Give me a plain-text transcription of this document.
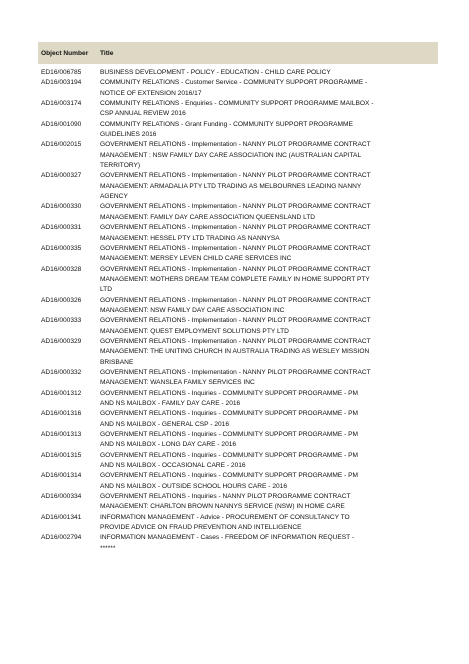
Object Number	Title
ED16/006785	BUSINESS DEVELOPMENT - POLICY - EDUCATION - CHILD CARE POLICY
AD16/003194	COMMUNITY RELATIONS - Customer Service - COMMUNITY SUPPORT PROGRAMME -
NOTICE OF EXTENSION 2016/17
AD16/003174	COMMUNITY RELATIONS - Enquiries - COMMUNITY SUPPORT PROGRAMME MAILBOX -
CSP ANNUAL REVIEW 2016
AD16/001090	COMMUNITY RELATIONS - Grant Funding - COMMUNITY SUPPORT PROGRAMME
GUIDELINES 2016
AD16/002015	GOVERNMENT RELATIONS - Implementation - NANNY PILOT PROGRAMME CONTRACT
MANAGEMENT : NSW FAMILY DAY CARE ASSOCIATION INC (AUSTRALIAN CAPITAL
TERRITORY)
AD16/000327	GOVERNMENT RELATIONS - Implementation - NANNY PILOT PROGRAMME CONTRACT
MANAGEMENT: ARMADALIA PTY LTD TRADING AS MELBOURNES LEADING NANNY
AGENCY
AD16/000330	GOVERNMENT RELATIONS - Implementation - NANNY PILOT PROGRAMME CONTRACT
MANAGEMENT: FAMILY DAY CARE ASSOCIATION QUEENSLAND LTD
AD16/000331	GOVERNMENT RELATIONS - Implementation - NANNY PILOT PROGRAMME CONTRACT
MANAGEMENT: HESSEL PTY LTD TRADING AS NANNYSA
AD16/000335	GOVERNMENT RELATIONS - Implementation - NANNY PILOT PROGRAMME CONTRACT
MANAGEMENT: MERSEY LEVEN CHILD CARE SERVICES INC
AD16/000328	GOVERNMENT RELATIONS - Implementation - NANNY PILOT PROGRAMME CONTRACT
MANAGEMENT: MOTHERS DREAM TEAM COMPLETE FAMILY IN HOME SUPPORT PTY
LTD
AD16/000326	GOVERNMENT RELATIONS - Implementation - NANNY PILOT PROGRAMME CONTRACT
MANAGEMENT: NSW FAMILY DAY CARE ASSOCIATION INC
AD16/000333	GOVERNMENT RELATIONS - Implementation - NANNY PILOT PROGRAMME CONTRACT
MANAGEMENT: QUEST EMPLOYMENT SOLUTIONS PTY LTD
AD16/000329	GOVERNMENT RELATIONS - Implementation - NANNY PILOT PROGRAMME CONTRACT
MANAGEMENT: THE UNITING CHURCH IN AUSTRALIA TRADING AS WESLEY MISSION
BRISBANE
AD16/000332	GOVERNMENT RELATIONS - Implementation - NANNY PILOT PROGRAMME CONTRACT
MANAGEMENT: WANSLEA FAMILY SERVICES INC
AD16/001312	GOVERNMENT RELATIONS - Inquiries - COMMUNITY SUPPORT PROGRAMME - PM
AND NS MAILBOX - FAMILY DAY CARE - 2016
AD16/001316	GOVERNMENT RELATIONS - Inquiries - COMMUNITY SUPPORT PROGRAMME - PM
AND NS MAILBOX - GENERAL CSP - 2016
AD16/001313	GOVERNMENT RELATIONS - Inquiries - COMMUNITY SUPPORT PROGRAMME - PM
AND NS MAILBOX - LONG DAY CARE - 2016
AD16/001315	GOVERNMENT RELATIONS - Inquiries - COMMUNITY SUPPORT PROGRAMME - PM
AND NS MAILBOX - OCCASIONAL CARE - 2016
AD16/001314	GOVERNMENT RELATIONS - Inquiries - COMMUNITY SUPPORT PROGRAMME - PM
AND NS MAILBOX - OUTSIDE SCHOOL HOURS CARE - 2016
AD16/000334	GOVERNMENT RELATIONS - Inquiries - NANNY PILOT PROGRAMME CONTRACT
MANAGEMENT: CHARLTON BROWN NANNYS SERVICE (NSW) IN HOME CARE
AD16/001341	INFORMATION MANAGEMENT - Advice - PROCUREMENT OF CONSULTANCY TO
PROVIDE ADVICE ON FRAUD PREVENTION AND INTELLIGENCE
AD16/002794	INFORMATION MANAGEMENT - Cases - FREEDOM OF INFORMATION REQUEST -
******
